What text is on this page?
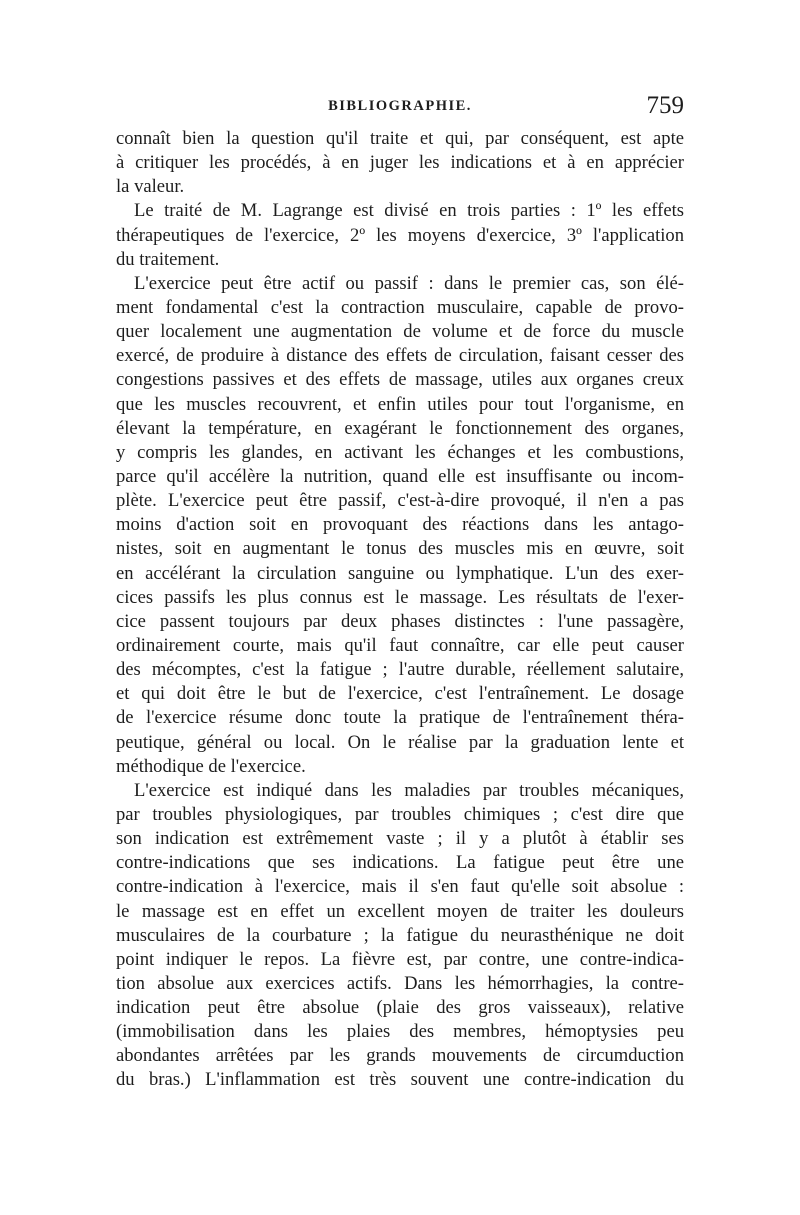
BIBLIOGRAPHIE.	759
connaît bien la question qu'il traite et qui, par conséquent, est apte
à critiquer les procédés, à en juger les indications et à en apprécier
la valeur.
Le traité de M. Lagrange est divisé en trois parties : 1º les effets
thérapeutiques de l'exercice, 2º les moyens d'exercice, 3º l'application
du traitement.
L'exercice peut être actif ou passif : dans le premier cas, son élé-
ment fondamental c'est la contraction musculaire, capable de provo-
quer localement une augmentation de volume et de force du muscle
exercé, de produire à distance des effets de circulation, faisant cesser des
congestions passives et des effets de massage, utiles aux organes creux
que les muscles recouvrent, et enfin utiles pour tout l'organisme, en
élevant la température, en exagérant le fonctionnement des organes,
y compris les glandes, en activant les échanges et les combustions,
parce qu'il accélère la nutrition, quand elle est insuffisante ou incom-
plète. L'exercice peut être passif, c'est-à-dire provoqué, il n'en a pas
moins d'action soit en provoquant des réactions dans les antago-
nistes, soit en augmentant le tonus des muscles mis en œuvre, soit
en accélérant la circulation sanguine ou lymphatique. L'un des exer-
cices passifs les plus connus est le massage. Les résultats de l'exer-
cice passent toujours par deux phases distinctes : l'une passagère,
ordinairement courte, mais qu'il faut connaître, car elle peut causer
des mécomptes, c'est la fatigue ; l'autre durable, réellement salutaire,
et qui doit être le but de l'exercice, c'est l'entraînement. Le dosage
de l'exercice résume donc toute la pratique de l'entraînement théra-
peutique, général ou local. On le réalise par la graduation lente et
méthodique de l'exercice.
L'exercice est indiqué dans les maladies par troubles mécaniques,
par troubles physiologiques, par troubles chimiques ; c'est dire que
son indication est extrêmement vaste ; il y a plutôt à établir ses
contre-indications que ses indications. La fatigue peut être une
contre-indication à l'exercice, mais il s'en faut qu'elle soit absolue :
le massage est en effet un excellent moyen de traiter les douleurs
musculaires de la courbature ; la fatigue du neurasthénique ne doit
point indiquer le repos. La fièvre est, par contre, une contre-indica-
tion absolue aux exercices actifs. Dans les hémorrhagies, la contre-
indication peut être absolue (plaie des gros vaisseaux), relative
(immobilisation dans les plaies des membres, hémoptysies peu
abondantes arrêtées par les grands mouvements de circumduction
du bras.) L'inflammation est très souvent une contre-indication du
